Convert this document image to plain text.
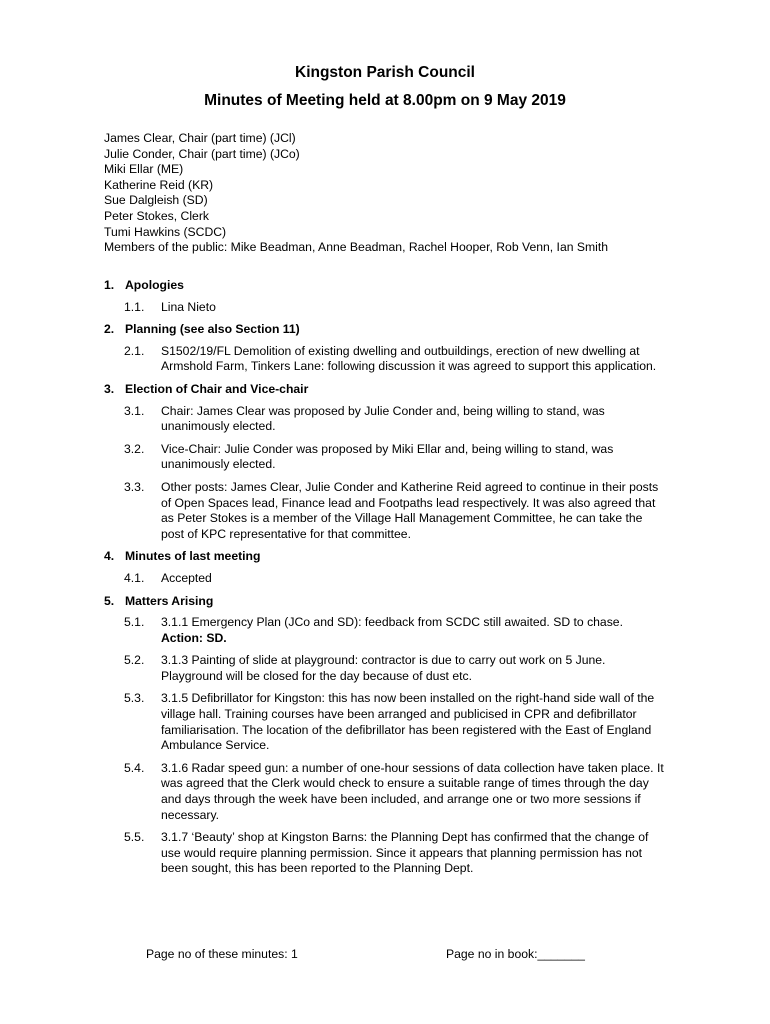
Kingston Parish Council
Minutes of Meeting held at 8.00pm on 9 May 2019
James Clear, Chair (part time) (JCl)
Julie Conder, Chair (part time) (JCo)
Miki Ellar (ME)
Katherine Reid (KR)
Sue Dalgleish (SD)
Peter Stokes, Clerk
Tumi Hawkins (SCDC)
Members of the public: Mike Beadman, Anne Beadman, Rachel Hooper, Rob Venn, Ian Smith
1. Apologies
1.1.	Lina Nieto
2. Planning (see also Section 11)
2.1.	S1502/19/FL Demolition of existing dwelling and outbuildings, erection of new dwelling at Armshold Farm, Tinkers Lane: following discussion it was agreed to support this application.
3. Election of Chair and Vice-chair
3.1.	Chair: James Clear was proposed by Julie Conder and, being willing to stand, was unanimously elected.
3.2.	Vice-Chair: Julie Conder was proposed by Miki Ellar and, being willing to stand, was unanimously elected.
3.3.	Other posts: James Clear, Julie Conder and Katherine Reid agreed to continue in their posts of Open Spaces lead, Finance lead and Footpaths lead respectively. It was also agreed that as Peter Stokes is a member of the Village Hall Management Committee, he can take the post of KPC representative for that committee.
4. Minutes of last meeting
4.1.	Accepted
5. Matters Arising
5.1.	3.1.1 Emergency Plan (JCo and SD): feedback from SCDC still awaited. SD to chase.
Action: SD.
5.2.	3.1.3 Painting of slide at playground: contractor is due to carry out work on 5 June. Playground will be closed for the day because of dust etc.
5.3.	3.1.5 Defibrillator for Kingston: this has now been installed on the right-hand side wall of the village hall. Training courses have been arranged and publicised in CPR and defibrillator familiarisation. The location of the defibrillator has been registered with the East of England Ambulance Service.
5.4.	3.1.6 Radar speed gun: a number of one-hour sessions of data collection have taken place. It was agreed that the Clerk would check to ensure a suitable range of times through the day and days through the week have been included, and arrange one or two more sessions if necessary.
5.5.	3.1.7 ‘Beauty’ shop at Kingston Barns: the Planning Dept has confirmed that the change of use would require planning permission. Since it appears that planning permission has not been sought, this has been reported to the Planning Dept.
Page no of these minutes: 1	Page no in book:_______
